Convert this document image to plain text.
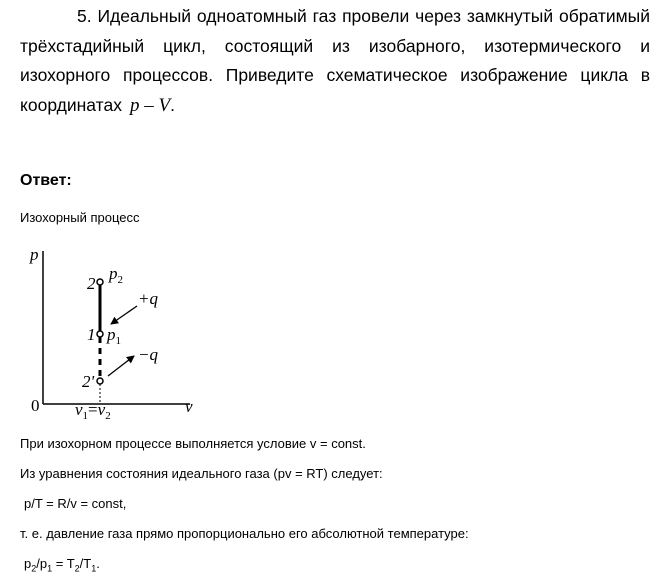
5. Идеальный одноатомный газ провели через замкнутый обратимый
трёхстадийный цикл, состоящий из изобарного, изотермического и
изохорного процессов. Приведите схематическое изображение цикла в
координатах p – V.
Ответ:
Изохорный процесс
p
v
0
2
$p_2$
1 $p_1$
2'
+q
−q
$v_1=v_2$
При изохорном процессе выполняется условие v = const.
Из уравнения состояния идеального газа (pv = RT) следует:
p/T = R/v = const,
т. е. давление газа прямо пропорционально его абсолютной температуре:
$p_2/p_1 = T_2/T_1$.
